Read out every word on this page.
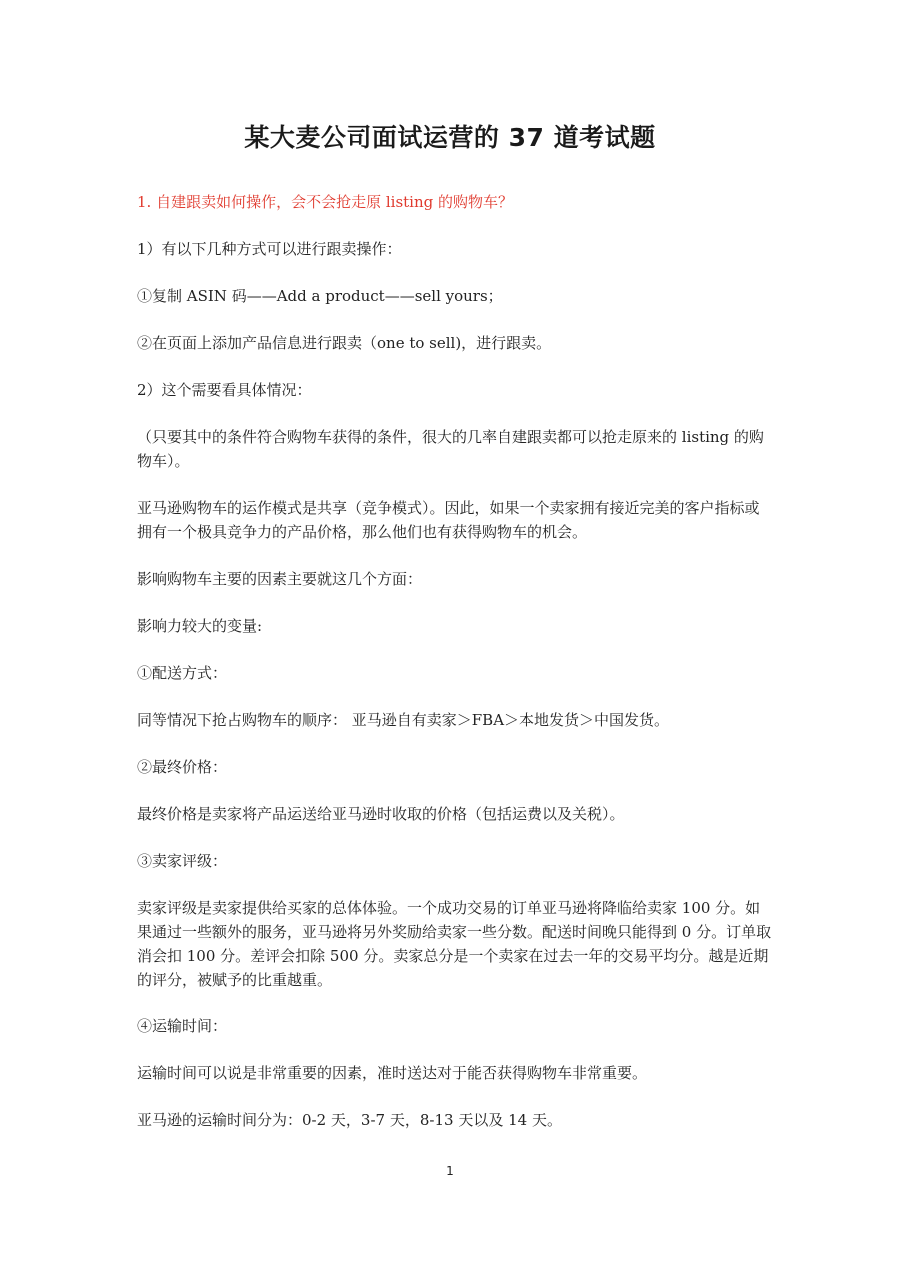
某大麦公司面试运营的 37 道考试题
1. 自建跟卖如何操作，会不会抢走原 listing 的购物车？
1）有以下几种方式可以进行跟卖操作：
①复制 ASIN 码——Add a product——sell yours；
②在页面上添加产品信息进行跟卖（one to sell)，进行跟卖。
2）这个需要看具体情况：
（只要其中的条件符合购物车获得的条件，很大的几率自建跟卖都可以抢走原来的 listing 的购物车）。
亚马逊购物车的运作模式是共享（竞争模式）。因此，如果一个卖家拥有接近完美的客户指标或拥有一个极具竞争力的产品价格，那么他们也有获得购物车的机会。
影响购物车主要的因素主要就这几个方面：
影响力较大的变量:
①配送方式：
同等情况下抢占购物车的顺序： 亚马逊自有卖家＞FBA＞本地发货＞中国发货。
②最终价格：
最终价格是卖家将产品运送给亚马逊时收取的价格（包括运费以及关税）。
③卖家评级：
卖家评级是卖家提供给买家的总体体验。一个成功交易的订单亚马逊将降临给卖家 100 分。如果通过一些额外的服务，亚马逊将另外奖励给卖家一些分数。配送时间晚只能得到 0 分。订单取消会扣 100 分。差评会扣除 500 分。卖家总分是一个卖家在过去一年的交易平均分。越是近期的评分，被赋予的比重越重。
④运输时间：
运输时间可以说是非常重要的因素，准时送达对于能否获得购物车非常重要。
亚马逊的运输时间分为：0-2 天，3-7 天，8-13 天以及 14 天。
1
